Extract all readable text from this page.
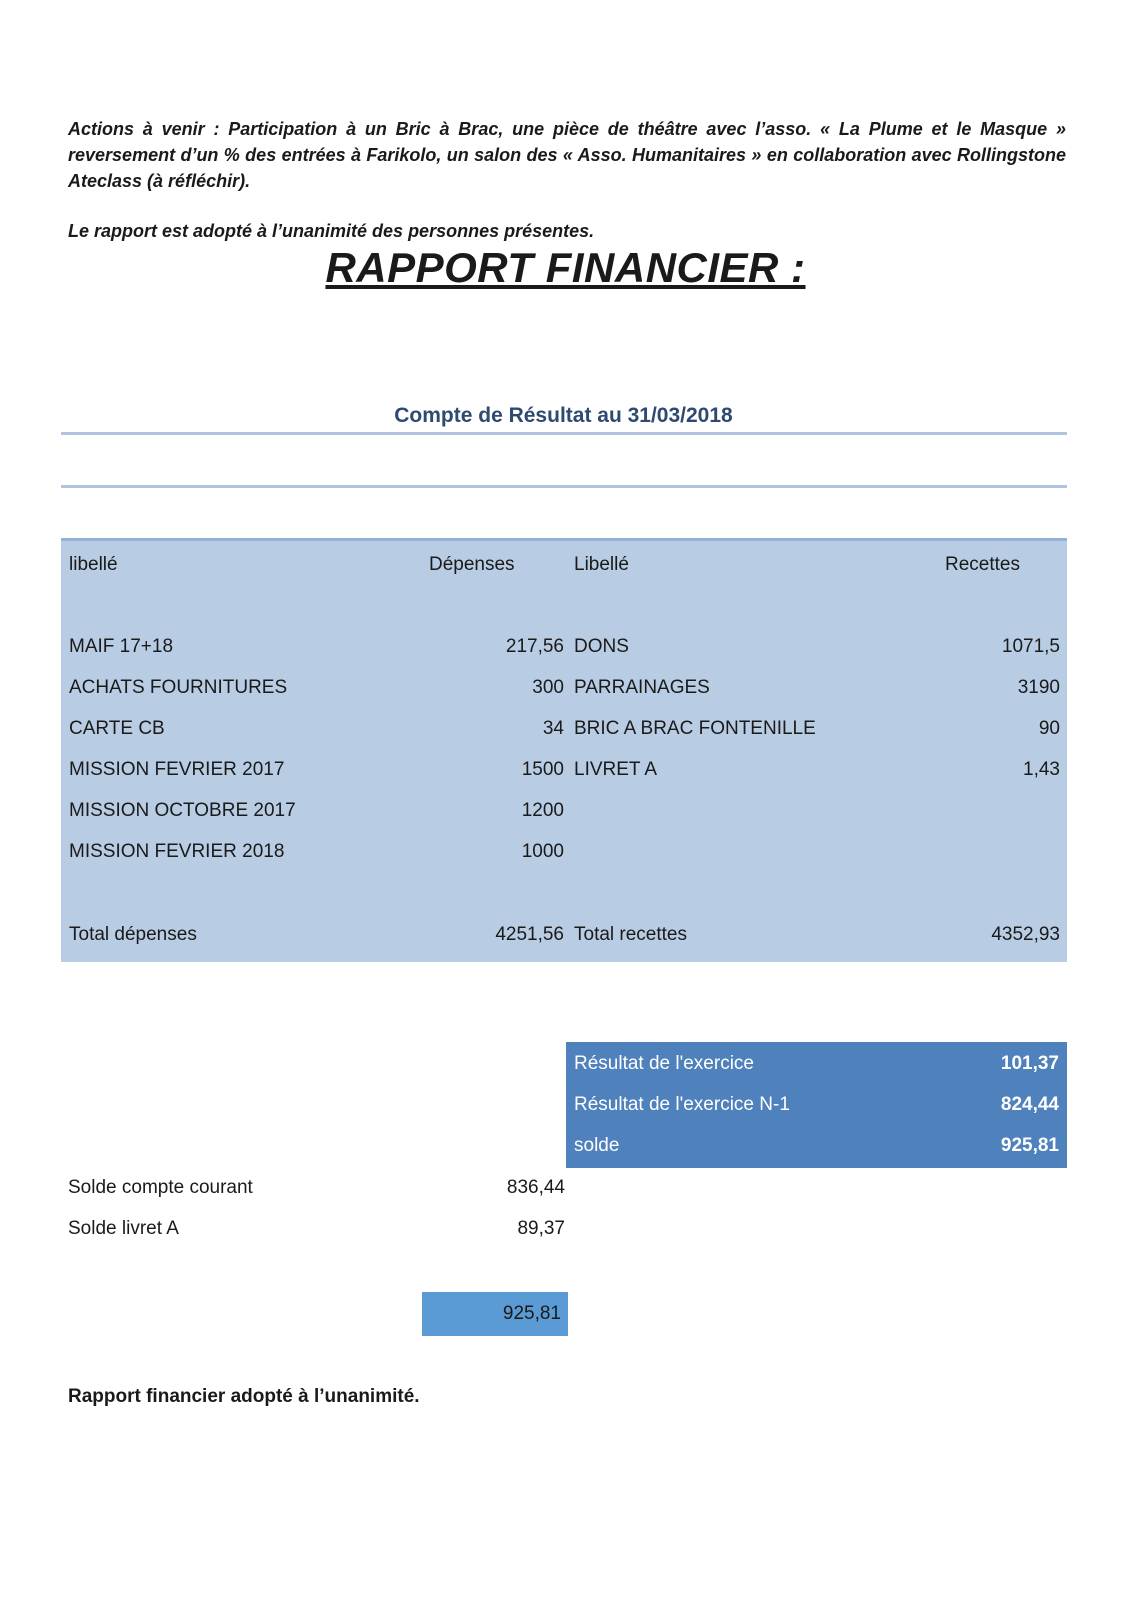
Actions à venir : Participation à un Bric à Brac, une pièce de théâtre avec l’asso. « La Plume et le Masque » reversement d’un % des entrées à Farikolo, un salon des « Asso. Humanitaires » en collaboration avec Rollingstone Ateclass (à réfléchir).
Le rapport est adopté à l’unanimité des personnes présentes.
RAPPORT FINANCIER :
Compte de Résultat au 31/03/2018
libellé	Dépenses	Libellé	Recettes
MAIF 17+18	217,56 DONS	1071,5
ACHATS FOURNITURES	300 PARRAINAGES	3190
CARTE CB	34 BRIC A BRAC FONTENILLE	90
MISSION FEVRIER 2017	1500 LIVRET A	1,43
MISSION OCTOBRE 2017	1200
MISSION FEVRIER 2018	1000
Total dépenses	4251,56 Total recettes	4352,93
Résultat de l'exercice	101,37
Résultat de l'exercice N-1	824,44
solde	925,81
Solde compte courant	836,44
Solde livret A	89,37
925,81
Rapport financier adopté à l’unanimité.
